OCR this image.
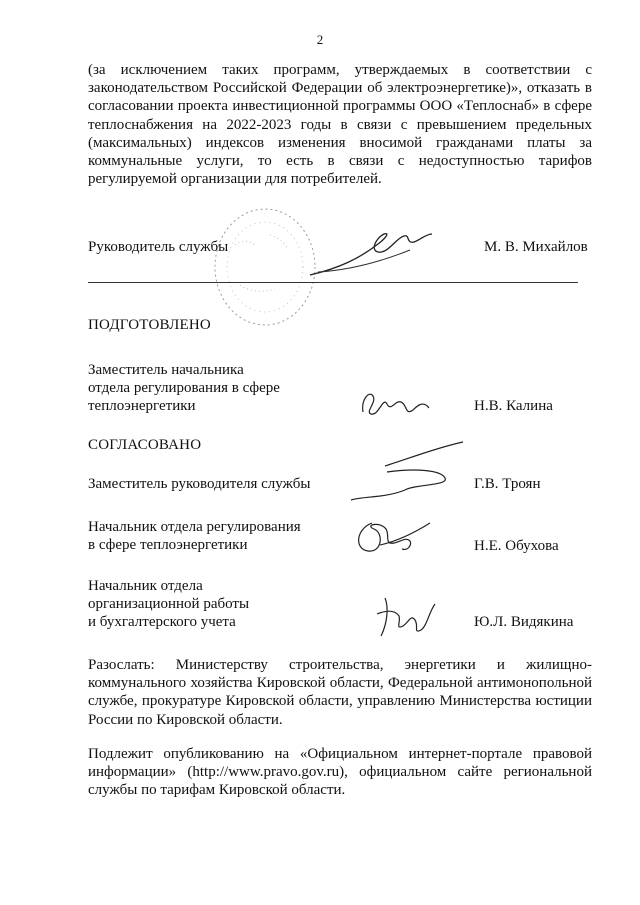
2
(за исключением таких программ, утверждаемых в соответствии с законодательством Российской Федерации об электроэнергетике)», отказать в согласовании проекта инвестиционной программы ООО «Теплоснаб» в сфере теплоснабжения на 2022-2023 годы в связи с превышением предельных (максимальных) индексов изменения вносимой гражданами платы за коммунальные услуги, то есть в связи с недоступностью тарифов регулируемой организации для потребителей.
Руководитель службы	М. В. Михайлов
ПОДГОТОВЛЕНО
Заместитель начальника
отдела регулирования в сфере
теплоэнергетики	Н.В. Калина
СОГЛАСОВАНО
Заместитель руководителя службы	Г.В. Троян
Начальник отдела регулирования
в сфере теплоэнергетики	Н.Е. Обухова
Начальник отдела
организационной работы
и бухгалтерского учета	Ю.Л. Видякина
Разослать: Министерству строительства, энергетики и жилищно-коммунального хозяйства Кировской области, Федеральной антимонопольной службе, прокуратуре Кировской области, управлению Министерства юстиции России по Кировской области.
Подлежит опубликованию на «Официальном интернет-портале правовой информации» (http://www.pravo.gov.ru), официальном сайте региональной службы по тарифам Кировской области.
